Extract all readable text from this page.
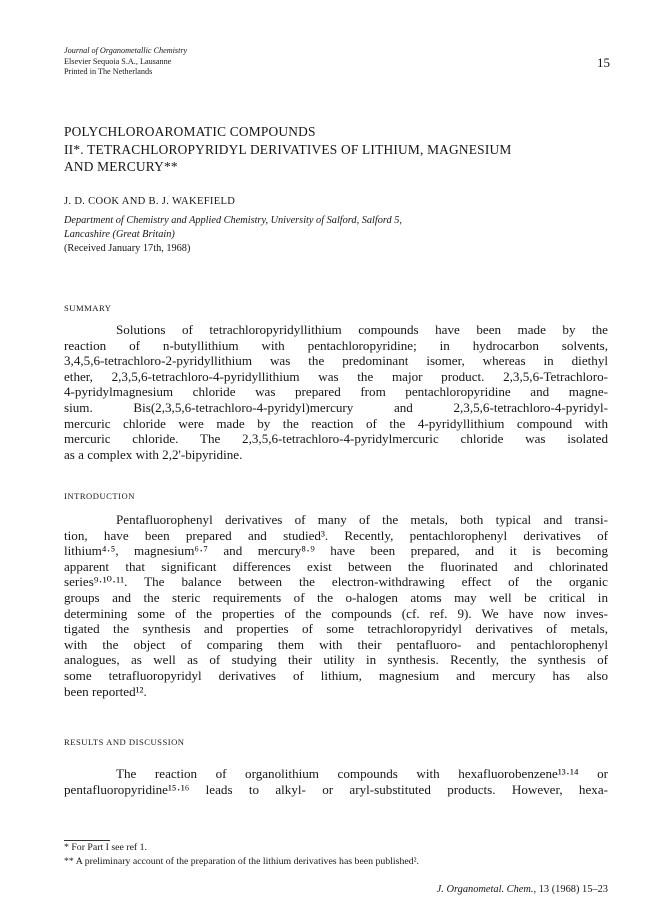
Journal of Organometallic Chemistry
Elsevier Sequoia S.A., Lausanne
Printed in The Netherlands
15
POLYCHLOROAROMATIC COMPOUNDS
II*. TETRACHLOROPYRIDYL DERIVATIVES OF LITHIUM, MAGNESIUM
AND MERCURY**
J. D. COOK AND B. J. WAKEFIELD
Department of Chemistry and Applied Chemistry, University of Salford, Salford 5,
Lancashire (Great Britain)
(Received January 17th, 1968)
SUMMARY
Solutions of tetrachloropyridyllithium compounds have been made by the
reaction of n-butyllithium with pentachloropyridine; in hydrocarbon solvents,
3,4,5,6-tetrachloro-2-pyridyllithium was the predominant isomer, whereas in diethyl
ether, 2,3,5,6-tetrachloro-4-pyridyllithium was the major product. 2,3,5,6-Tetrachloro-
4-pyridylmagnesium chloride was prepared from pentachloropyridine and magne-
sium. Bis(2,3,5,6-tetrachloro-4-pyridyl)mercury and 2,3,5,6-tetrachloro-4-pyridyl-
mercuric chloride were made by the reaction of the 4-pyridyllithium compound with
mercuric chloride. The 2,3,5,6-tetrachloro-4-pyridylmercuric chloride was isolated
as a complex with 2,2'-bipyridine.
INTRODUCTION
Pentafluorophenyl derivatives of many of the metals, both typical and transi-
tion, have been prepared and studied³. Recently, pentachlorophenyl derivatives of
lithium⁴·⁵, magnesium⁶·⁷ and mercury⁸·⁹ have been prepared, and it is becoming
apparent that significant differences exist between the fluorinated and chlorinated
series⁹·¹⁰·¹¹. The balance between the electron-withdrawing effect of the organic
groups and the steric requirements of the o-halogen atoms may well be critical in
determining some of the properties of the compounds (cf. ref. 9). We have now inves-
tigated the synthesis and properties of some tetrachloropyridyl derivatives of metals,
with the object of comparing them with their pentafluoro- and pentachlorophenyl
analogues, as well as of studying their utility in synthesis. Recently, the synthesis of
some tetrafluoropyridyl derivatives of lithium, magnesium and mercury has also
been reported¹².
RESULTS AND DISCUSSION
The reaction of organolithium compounds with hexafluorobenzene¹³·¹⁴ or
pentafluoropyridine¹⁵·¹⁶ leads to alkyl- or aryl-substituted products. However, hexa-
* For Part I see ref 1.
** A preliminary account of the preparation of the lithium derivatives has been published².
J. Organometal. Chem., 13 (1968) 15–23
